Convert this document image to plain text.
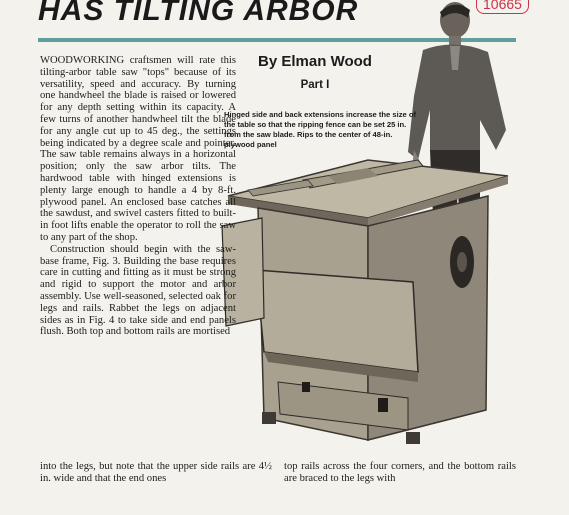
HAS TILTING ARBOR	10665
By Elman Wood
Part I
Hinged side and back extensions increase the size of the table so that the ripping fence can be set 25 in. from the saw blade. Rips to the center of 48-in. plywood panel

WOODWORKING craftsmen will rate this tilting-arbor table saw "tops" because of its versatility, speed and accuracy. By turning one handwheel the blade is raised or lowered for any depth setting within its capacity. A few turns of another handwheel tilt the blade for any angle cut up to 45 deg., the settings being indicated by a degree scale and pointer. The saw table remains always in a horizontal position; only the saw arbor tilts. The hardwood table with hinged extensions is plenty large enough to handle a 4 by 8-ft. plywood panel. An enclosed base catches all the sawdust, and swivel casters fitted to built-in foot lifts enable the operator to roll the saw to any part of the shop.

Construction should begin with the saw-base frame, Fig. 3. Building the base requires care in cutting and fitting as it must be strong and rigid to support the motor and arbor assembly. Use well-seasoned, selected oak for legs and rails. Rabbet the legs on adjacent sides as in Fig. 4 to take side and end panels flush. Both top and bottom rails are mortised

into the legs, but note that the upper side rails are 4½ in. wide and that the end ones
top rails across the four corners, and the bottom rails are braced to the legs with
